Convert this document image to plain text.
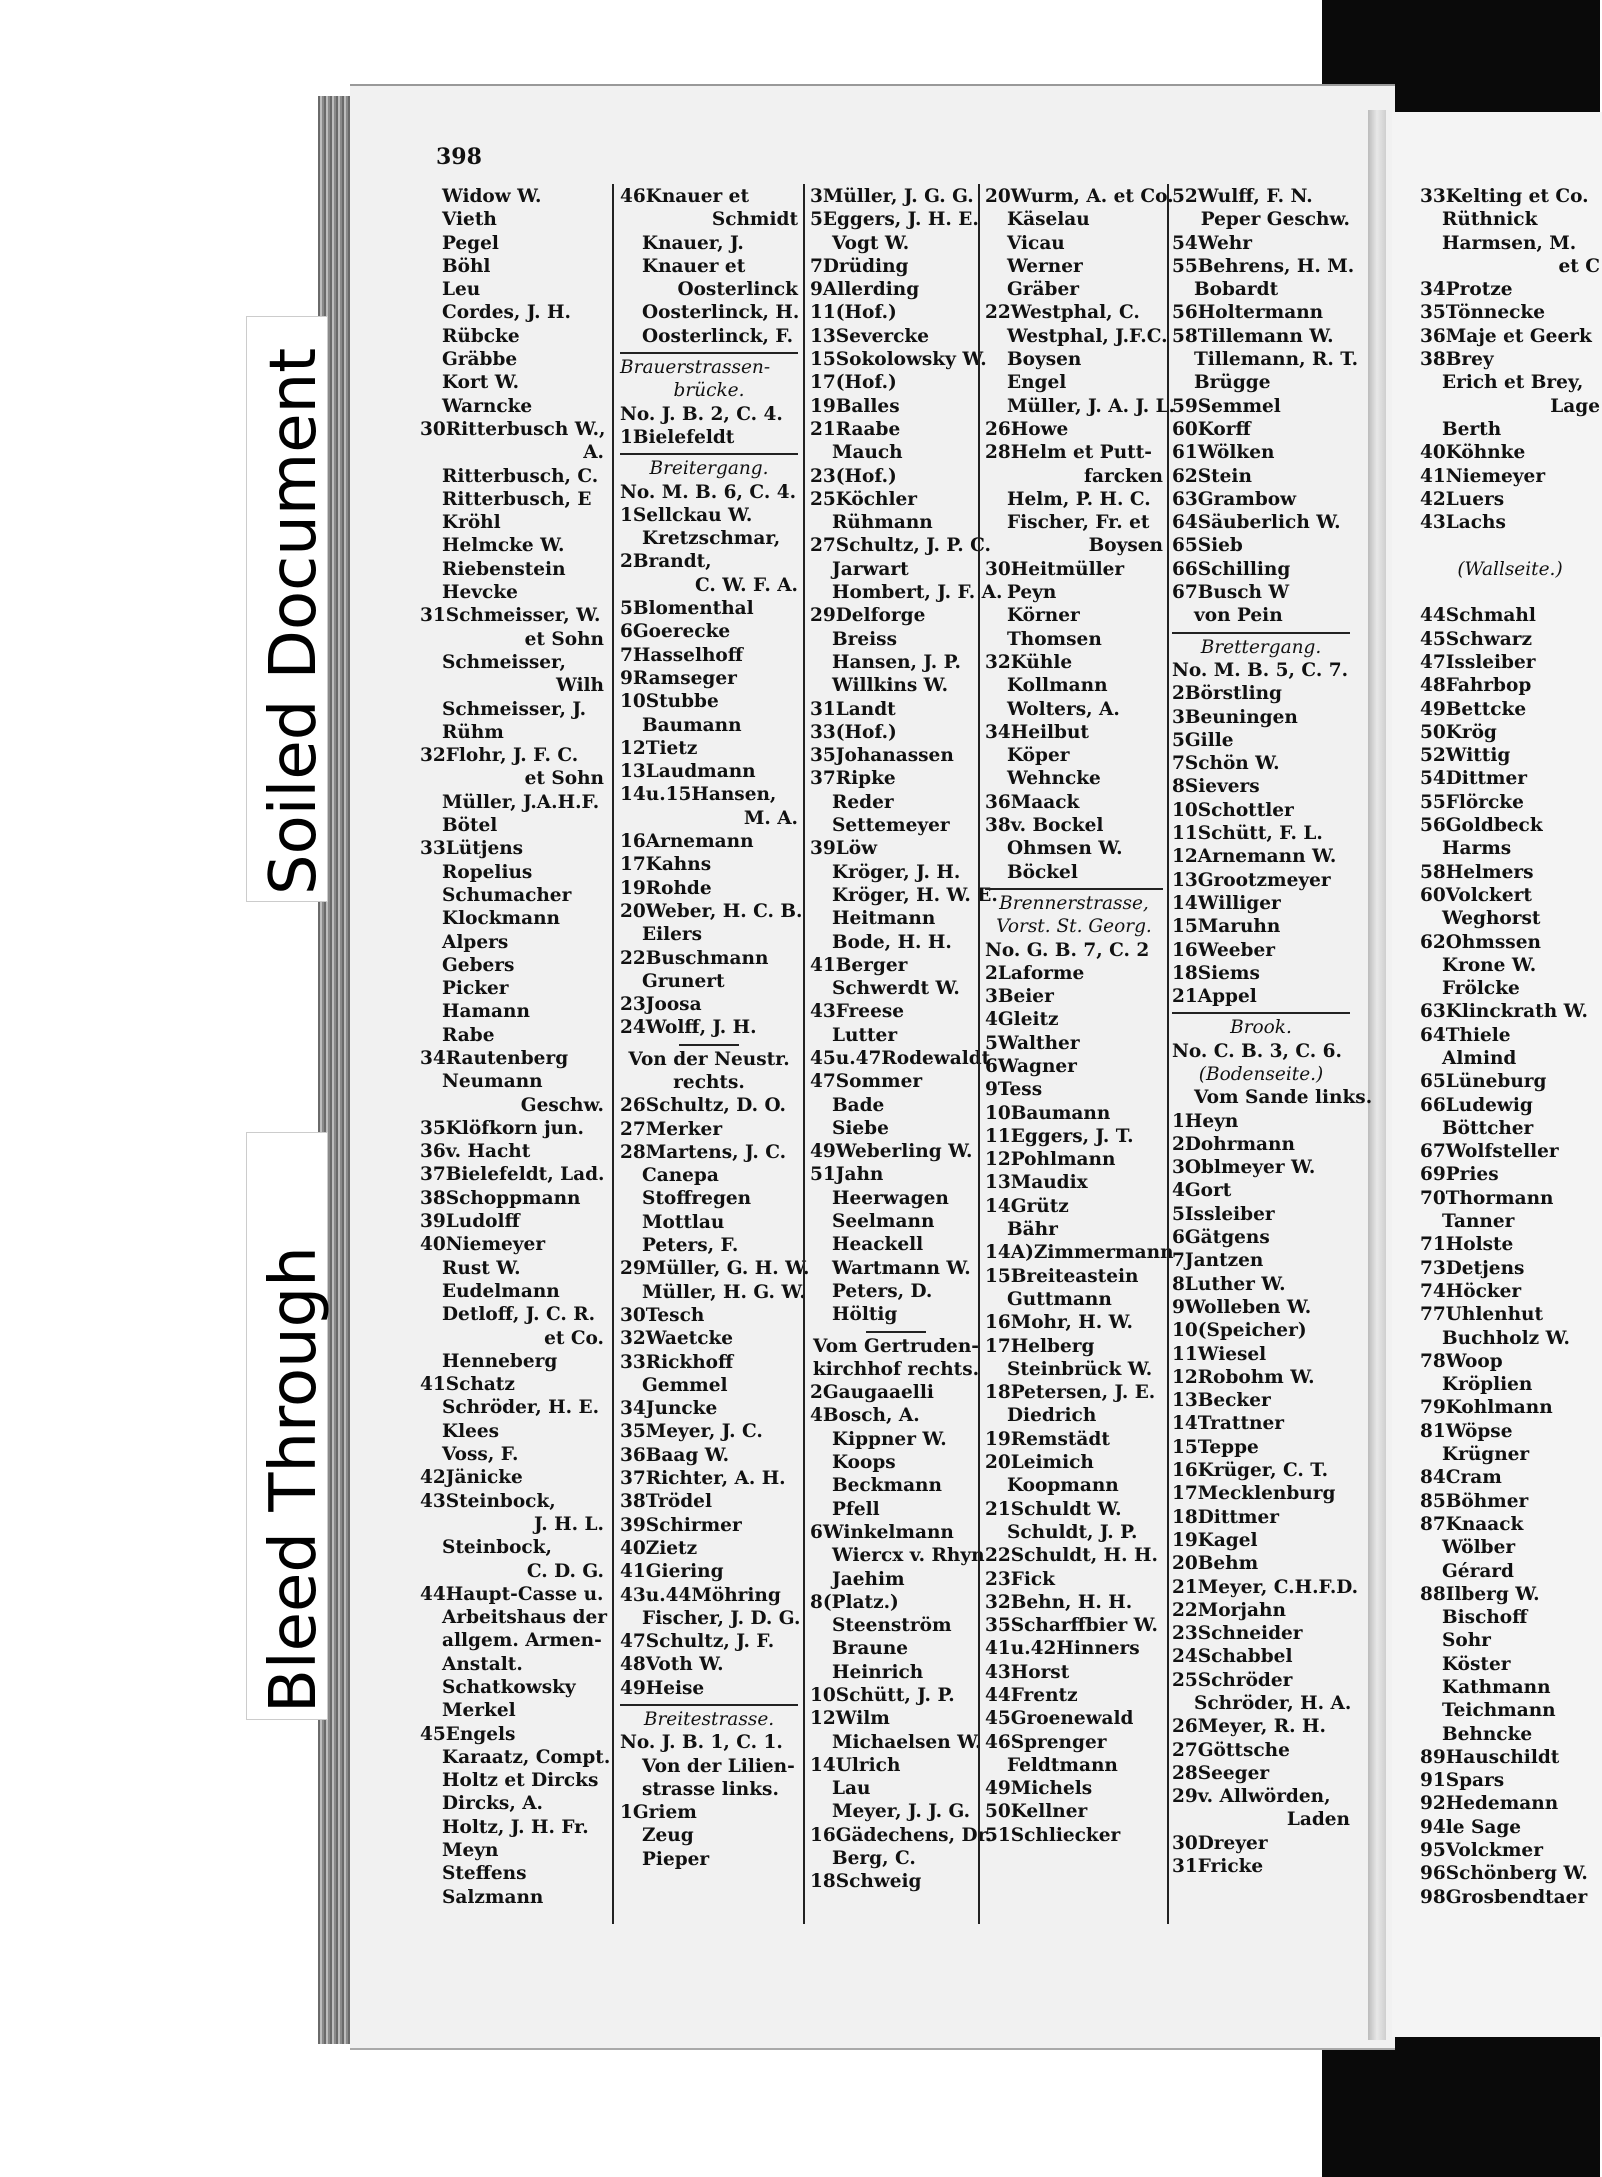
398
Widow W.
Vieth
Pegel
Böhl
Leu
Cordes, J. H.
Rübcke
Gräbbe
Kort W.
Warncke
30Ritterbusch W.,
A.
Ritterbusch, C.
Ritterbusch, E
Kröhl
Helmcke W.
Riebenstein
Hevcke
31Schmeisser, W.
et Sohn
Schmeisser,
Wilh
Schmeisser, J.
Rühm
32Flohr, J. F. C.
et Sohn
Müller, J.A.H.F.
Bötel
33Lütjens
Ropelius
Schumacher
Klockmann
Alpers
Gebers
Picker
Hamann
Rabe
34Rautenberg
Neumann
Geschw.
35Klöfkorn jun.
36v. Hacht
37Bielefeldt, Lad.
38Schoppmann
39Ludolff
40Niemeyer
Rust W.
Eudelmann
Detloff, J. C. R.
et Co.
Henneberg
41Schatz
Schröder, H. E.
Klees
Voss, F.
42Jänicke
43Steinbock,
J. H. L.
Steinbock,
C. D. G.
44Haupt-Casse u.
Arbeitshaus der
allgem. Armen-
Anstalt.
Schatkowsky
Merkel
45Engels
Karaatz, Compt.
Holtz et Dircks
Dircks, A.
Holtz, J. H. Fr.
Meyn
Steffens
Salzmann
46Knauer et
Schmidt
Knauer, J.
Knauer et
Oosterlinck
Oosterlinck, H.
Oosterlinck, F.
Brauerstrassen-
brücke.
No. J. B. 2, C. 4.
1Bielefeldt
Breitergang.
No. M. B. 6, C. 4.
1Sellckau W.
Kretzschmar,
2Brandt,
C. W. F. A.
5Blomenthal
6Goerecke
7Hasselhoff
9Ramseger
10Stubbe
Baumann
12Tietz
13Laudmann
14u.15Hansen,
M. A.
16Arnemann
17Kahns
19Rohde
20Weber, H. C. B.
Eilers
22Buschmann
Grunert
23Joosa
24Wolff, J. H.
Von der Neustr.
rechts.
26Schultz, D. O.
27Merker
28Martens, J. C.
Canepa
Stoffregen
Mottlau
Peters, F.
29Müller, G. H. W.
Müller, H. G. W.
30Tesch
32Waetcke
33Rickhoff
Gemmel
34Juncke
35Meyer, J. C.
36Baag W.
37Richter, A. H.
38Trödel
39Schirmer
40Zietz
41Giering
43u.44Möhring
Fischer, J. D. G.
47Schultz, J. F.
48Voth W.
49Heise
Breitestrasse.
No. J. B. 1, C. 1.
Von der Lilien-
strasse links.
1Griem
Zeug
Pieper
3Müller, J. G. G.
5Eggers, J. H. E.
Vogt W.
7Drüding
9Allerding
11(Hof.)
13Severcke
15Sokolowsky W.
17(Hof.)
19Balles
21Raabe
Mauch
23(Hof.)
25Köchler
Rühmann
27Schultz, J. P. C.
Jarwart
Hombert, J. F. A.
29Delforge
Breiss
Hansen, J. P.
Willkins W.
31Landt
33(Hof.)
35Johanassen
37Ripke
Reder
Settemeyer
39Löw
Kröger, J. H.
Kröger, H. W. E.
Heitmann
Bode, H. H.
41Berger
Schwerdt W.
43Freese
Lutter
45u.47Rodewaldt
47Sommer
Bade
Siebe
49Weberling W.
51Jahn
Heerwagen
Seelmann
Heackell
Wartmann W.
Peters, D.
Höltig
Vom Gertruden-
kirchhof rechts.
2Gaugaaelli
4Bosch, A.
Kippner W.
Koops
Beckmann
Pfell
6Winkelmann
Wiercx v. Rhyn
Jaehim
8(Platz.)
Steenström
Braune
Heinrich
10Schütt, J. P.
12Wilm
Michaelsen W.
14Ulrich
Lau
Meyer, J. J. G.
16Gädechens, Dr.
Berg, C.
18Schweig
20Wurm, A. et Co.
Käselau
Vicau
Werner
Gräber
22Westphal, C.
Westphal, J.F.C.
Boysen
Engel
Müller, J. A. J. L.
26Howe
28Helm et Putt-
farcken
Helm, P. H. C.
Fischer, Fr. et
Boysen
30Heitmüller
Peyn
Körner
Thomsen
32Kühle
Kollmann
Wolters, A.
34Heilbut
Köper
Wehncke
36Maack
38v. Bockel
Ohmsen W.
Böckel
Brennerstrasse,
Vorst. St. Georg.
No. G. B. 7, C. 2
2Laforme
3Beier
4Gleitz
5Walther
6Wagner
9Tess
10Baumann
11Eggers, J. T.
12Pohlmann
13Maudix
14Grütz
Bähr
14A)Zimmermann
15Breiteastein
Guttmann
16Mohr, H. W.
17Helberg
Steinbrück W.
18Petersen, J. E.
Diedrich
19Remstädt
20Leimich
Koopmann
21Schuldt W.
Schuldt, J. P.
22Schuldt, H. H.
23Fick
32Behn, H. H.
35Scharffbier W.
41u.42Hinners
43Horst
44Frentz
45Groenewald
46Sprenger
Feldtmann
49Michels
50Kellner
51Schliecker
52Wulff, F. N.
Peper Geschw.
54Wehr
55Behrens, H. M.
Bobardt
56Holtermann
58Tillemann W.
Tillemann, R. T.
Brügge
59Semmel
60Korff
61Wölken
62Stein
63Grambow
64Säuberlich W.
65Sieb
66Schilling
67Busch W
von Pein
Brettergang.
No. M. B. 5, C. 7.
2Börstling
3Beuningen
5Gille
7Schön W.
8Sievers
10Schottler
11Schütt, F. L.
12Arnemann W.
13Grootzmeyer
14Williger
15Maruhn
16Weeber
18Siems
21Appel
Brook.
No. C. B. 3, C. 6.
(Bodenseite.)
Vom Sande links.
1Heyn
2Dohrmann
3Oblmeyer W.
4Gort
5Issleiber
6Gätgens
7Jantzen
8Luther W.
9Wolleben W.
10(Speicher)
11Wiesel
12Robohm W.
13Becker
14Trattner
15Teppe
16Krüger, C. T.
17Mecklenburg
18Dittmer
19Kagel
20Behm
21Meyer, C.H.F.D.
22Morjahn
23Schneider
24Schabbel
25Schröder
Schröder, H. A.
26Meyer, R. H.
27Göttsche
28Seeger
29v. Allwörden,
Laden
30Dreyer
31Fricke
33Kelting et Co.
Rüthnick
Harmsen, M.
et C
34Protze
35Tönnecke
36Maje et Geerk
38Brey
Erich et Brey,
Lage
Berth
40Köhnke
41Niemeyer
42Luers
43Lachs
(Wallseite.)
44Schmahl
45Schwarz
47Issleiber
48Fahrbop
49Bettcke
50Krög
52Wittig
54Dittmer
55Flörcke
56Goldbeck
Harms
58Helmers
60Volckert
Weghorst
62Ohmssen
Krone W.
Frölcke
63Klinckrath W.
64Thiele
Almind
65Lüneburg
66Ludewig
Böttcher
67Wolfsteller
69Pries
70Thormann
Tanner
71Holste
73Detjens
74Höcker
77Uhlenhut
Buchholz W.
78Woop
Kröplien
79Kohlmann
81Wöpse
Krügner
84Cram
85Böhmer
87Knaack
Wölber
Gérard
88Ilberg W.
Bischoff
Sohr
Köster
Kathmann
Teichmann
Behncke
89Hauschildt
91Spars
92Hedemann
94le Sage
95Volckmer
96Schönberg W.
98Grosbendtaer
Soiled Document
Bleed Through
